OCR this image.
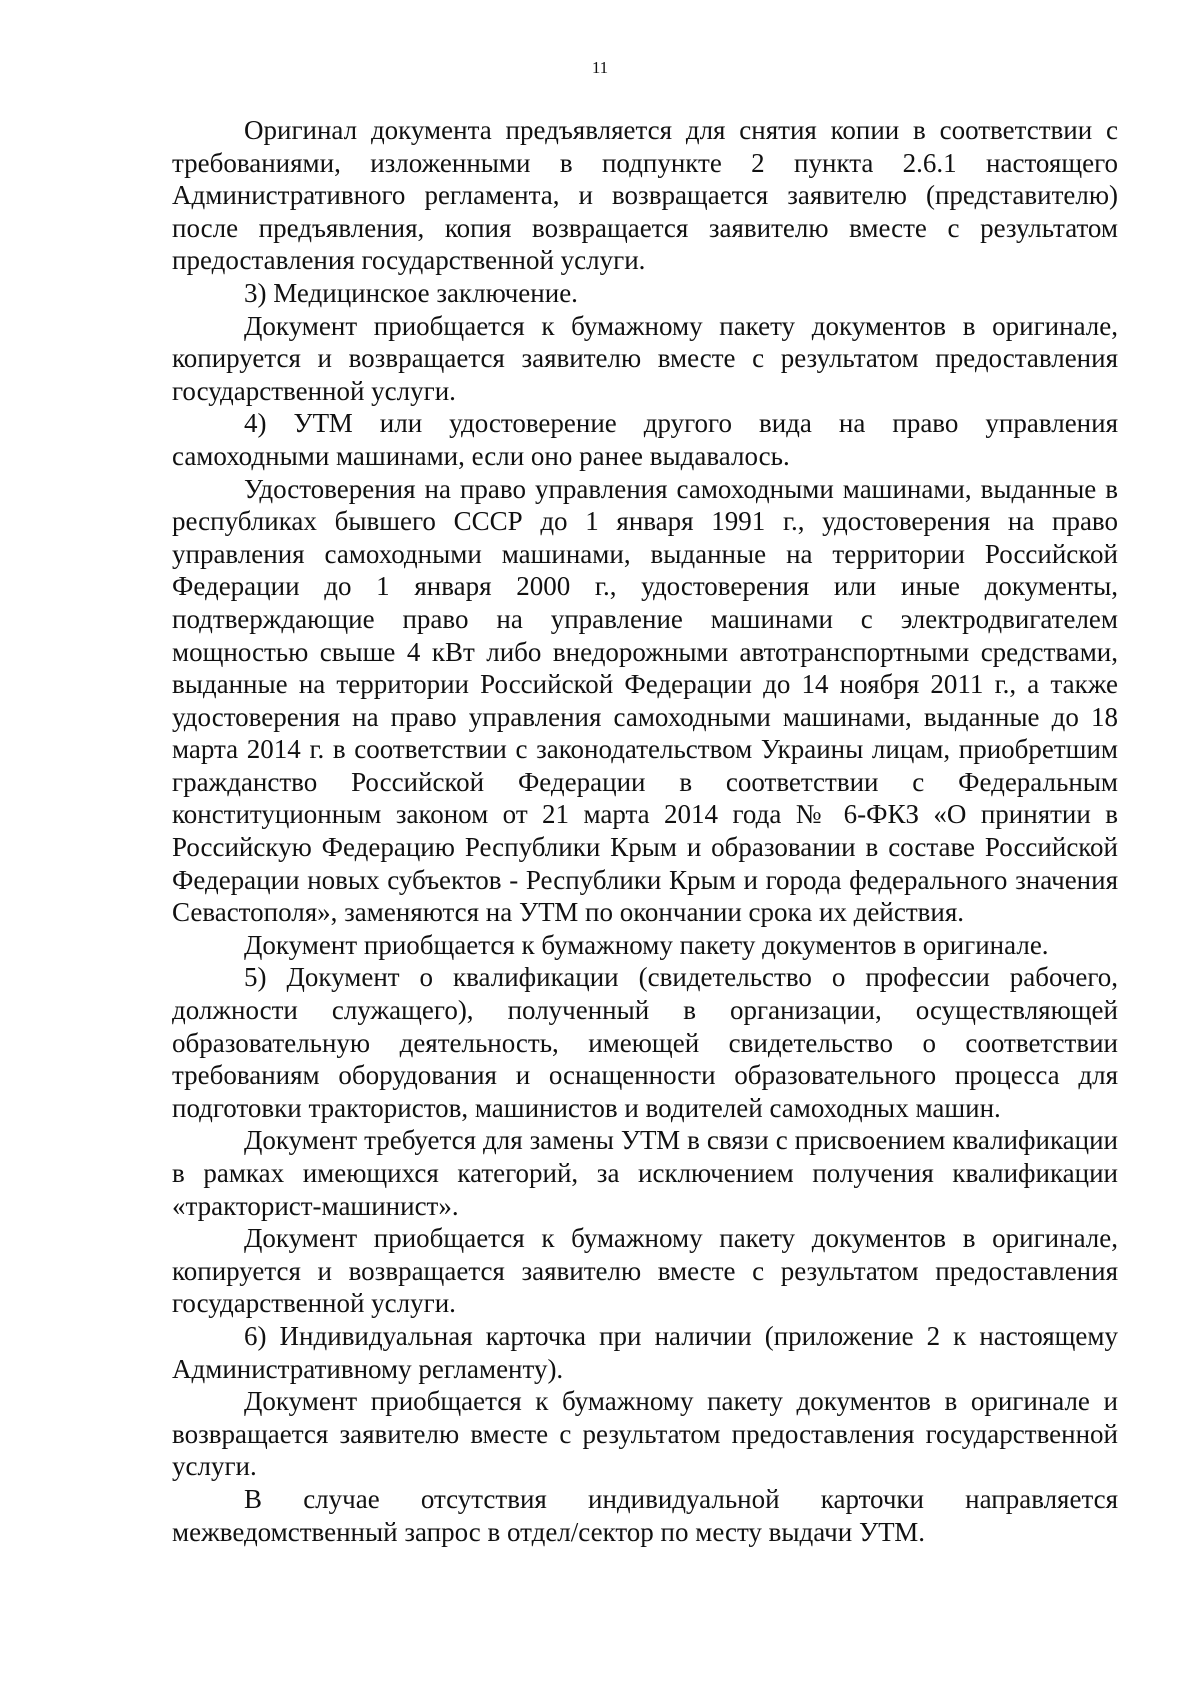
11

Оригинал документа предъявляется для снятия копии в соответствии с требованиями, изложенными в подпункте 2 пункта 2.6.1 настоящего Административного регламента, и возвращается заявителю (представителю) после предъявления, копия возвращается заявителю вместе с результатом предоставления государственной услуги.

3) Медицинское заключение.

Документ приобщается к бумажному пакету документов в оригинале, копируется и возвращается заявителю вместе с результатом предоставления государственной услуги.

4) УТМ или удостоверение другого вида на право управления самоходными машинами, если оно ранее выдавалось.

Удостоверения на право управления самоходными машинами, выданные в республиках бывшего СССР до 1 января 1991 г., удостоверения на право управления самоходными машинами, выданные на территории Российской Федерации до 1 января 2000 г., удостоверения или иные документы, подтверждающие право на управление машинами с электродвигателем мощностью свыше 4 кВт либо внедорожными автотранспортными средствами, выданные на территории Российской Федерации до 14 ноября 2011 г., а также удостоверения на право управления самоходными машинами, выданные до 18 марта 2014 г. в соответствии с законодательством Украины лицам, приобретшим гражданство Российской Федерации в соответствии с Федеральным конституционным законом от 21 марта 2014 года № 6-ФКЗ «О принятии в Российскую Федерацию Республики Крым и образовании в составе Российской Федерации новых субъектов - Республики Крым и города федерального значения Севастополя», заменяются на УТМ по окончании срока их действия.

Документ приобщается к бумажному пакету документов в оригинале.

5) Документ о квалификации (свидетельство о профессии рабочего, должности служащего), полученный в организации, осуществляющей образовательную деятельность, имеющей свидетельство о соответствии требованиям оборудования и оснащенности образовательного процесса для подготовки трактористов, машинистов и водителей самоходных машин.

Документ требуется для замены УТМ в связи с присвоением квалификации в рамках имеющихся категорий, за исключением получения квалификации «тракторист-машинист».

Документ приобщается к бумажному пакету документов в оригинале, копируется и возвращается заявителю вместе с результатом предоставления государственной услуги.

6) Индивидуальная карточка при наличии (приложение 2 к настоящему Административному регламенту).

Документ приобщается к бумажному пакету документов в оригинале и возвращается заявителю вместе с результатом предоставления государственной услуги.

В случае отсутствия индивидуальной карточки направляется межведомственный запрос в отдел/сектор по месту выдачи УТМ.
